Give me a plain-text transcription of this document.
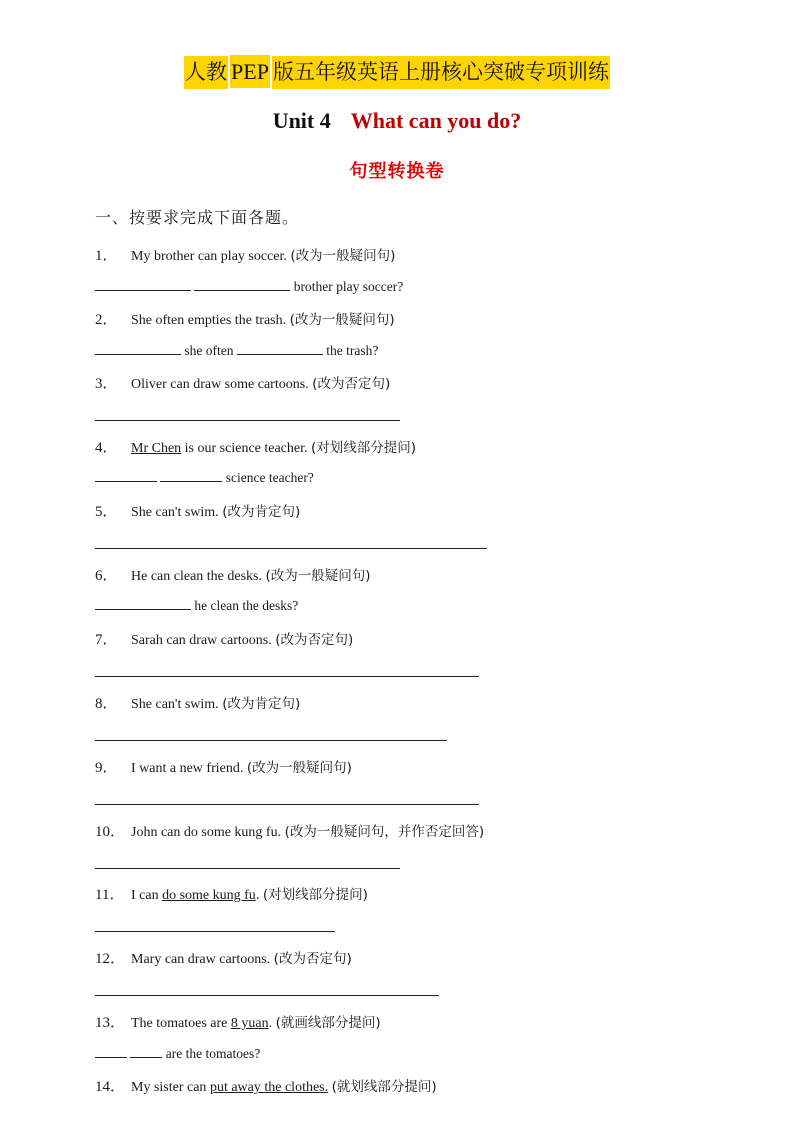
人教 PEP 版五年级英语上册核心突破专项训练
Unit 4 What can you do?
句型转换卷
一、按要求完成下面各题。
1． My brother can play soccer. (改为一般疑问句)
brother play soccer?
2． She often empties the trash. (改为一般疑问句)
she often	the trash?
3． Oliver can draw some cartoons. (改为否定句)
4． Mr Chen is our science teacher. (对划线部分提问)
science teacher?
5． She can't swim. (改为肯定句)
6． He can clean the desks. (改为一般疑问句)
he clean the desks?
7． Sarah can draw cartoons. (改为否定句)
8． She can't swim. (改为肯定句)
9． I want a new friend. (改为一般疑问句)
10． John can do some kung fu. (改为一般疑问句，并作否定回答)
11． I can do some kung fu. (对划线部分提问)
12． Mary can draw cartoons. (改为否定句)
13． The tomatoes are 8 yuan. (就画线部分提问)
are the tomatoes?
14． My sister can put away the clothes. (就划线部分提问)
